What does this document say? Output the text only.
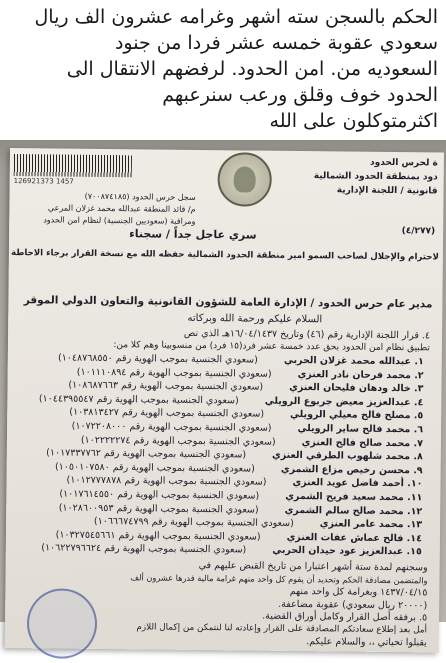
الحكم بالسجن سته اشهر وغرامه عشرون الف ريال
سعودي عقوبة خمسه عشر فردا من جنود
السعوديه من. امن الحدود. لرفضهم الانتقال الى
الحدود خوف وقلق ورعب سنرعبهم
اكثرمتوكلون على الله
126921373 1457
ة لحرس الحدود
دود بمنطقة الحدود الشمالية
قانونية / اللجنة الإدارية
سجل حرس الحدود (٧٠٠٨٧٤١٨٥)
م/ قائد المنطقة عبدالله محمد غزلان المرعي
ومراقبة (سعوديين الجنسية) لنظام امن الحدود
(٤/٢٧٧)
سري عاجل جداً / سجناء
لاحترام والإجلال لصاحب السمو امير منطقة الحدود الشمالية حفظه الله مع نسخة القرار برجاء الاحاطة
مدير عام حرس الحدود / الإدارة العامة للشؤون القانونية والتعاون الدولي الموقر
السلام عليكم ورحمة الله وبركاته
٤. قرار اللجنة الإدارية رقم (٤٦) وتاريخ ١٦/٠٤/١٤٣٧هـ الذي نص
تطبيق نظام امن الحدود بحق عدد خمسة عشر فرد(١٥ فرد) من منسوبينا وهم كلا من:
١. عبدالله محمد غزلان الحربي
(سعودي الجنسية بموجب الهوية رقم ١٠٤٨٧٦٨٥٥٠)
٢. محمد فرحان نادر العنزي
(سعودي الجنسية بموجب الهوية رقم ١٠١١١٠٨٩٤)
٣. خالد ودهان فليحان العنزي
(سعودي الجنسية بموجب الهوية رقم ١٠٨٦٨٧٦٦٣)
٤. عبدالعزيز معيض جربوع الرويلي
(سعودي الجنسية بموجب الهوية رقم ١٠٤٤٣٩٥٥٤٧)
٥. مصلح فالح معيلي الرويلي
(سعودي الجنسية بموجب الهوية رقم ١٠٣٨١٣٤٢٧)
٦. محمد فالح ساير الرويلي
(سعودي الجنسية بموجب الهوية رقم ١٠٧٢٢٠٨٠٠٠)
٧. محمد صالح فالح العنزي
(سعودي الجنسية بموجب الهوية رقم ١٠٢٢٢٢٢٧٤)
٨. محمد شلهوب الطرقي العنزي
(سعودي الجنسية بموجب الهوية رقم ١٠١٧٣٣٧٧٦٢)
٩. محسن رخيص مزاع الشمري
(سعودي الجنسية بموجب الهوية رقم ١٠٥٠١٠٧٥٨٠)
١٠. أحمد فاضل عويد العنزي
(سعودي الجنسية بموجب الهوية رقم ١٠١٢٧٧٧٨٧٨)
١١. محمد سعيد فريح الشمري
(سعودي الجنسية بموجب الهوية رقم ١٠١٧٦١٤٥٥٠)
١٢. محمد صالح سالم الشمري
(سعودي الجنسية بموجب الهوية رقم ١٠٢٨٦٠٠٩٥٣)
١٣. محمد عامر العنزي
(سعودي الجنسية بموجب الهوية رقم ١٠٦٦٦٧٤٧٩٩)
١٤. فالح عماش عفات العنزي
(سعودي الجنسية بموجب الهوية رقم ١٠٣٢٧٥٤٥٦٦١)
١٥. عبدالعزيز عود حيدان الحربي
(سعودي الجنسية بموجب الهوية رقم ١٠٦٢٢٧٩٦٦٢٤)
وسجنهم لمدة ستة أشهر اعتبارا من تاريخ القبض عليهم في
والمتضمن مصادقة الحكم وتحديد أن يقوم كل واحد منهم غرامة مالية قدرها عشرون ألف
١٤٣٧/٠٤/١٥ وبغرامة كل واحد منهم
(٢٠٠٠٠ ريال سعودي) عقوبة مضاعفة.
٥. برفقه أصل القرار وكامل أوراق القضية.
أمل بعد إطلاع سعادتكم المصادقة على القرار وإعادته لنا لنتمكن من إكمال اللازم
يقبلوا تحياتي ،، والسلام عليكم.
